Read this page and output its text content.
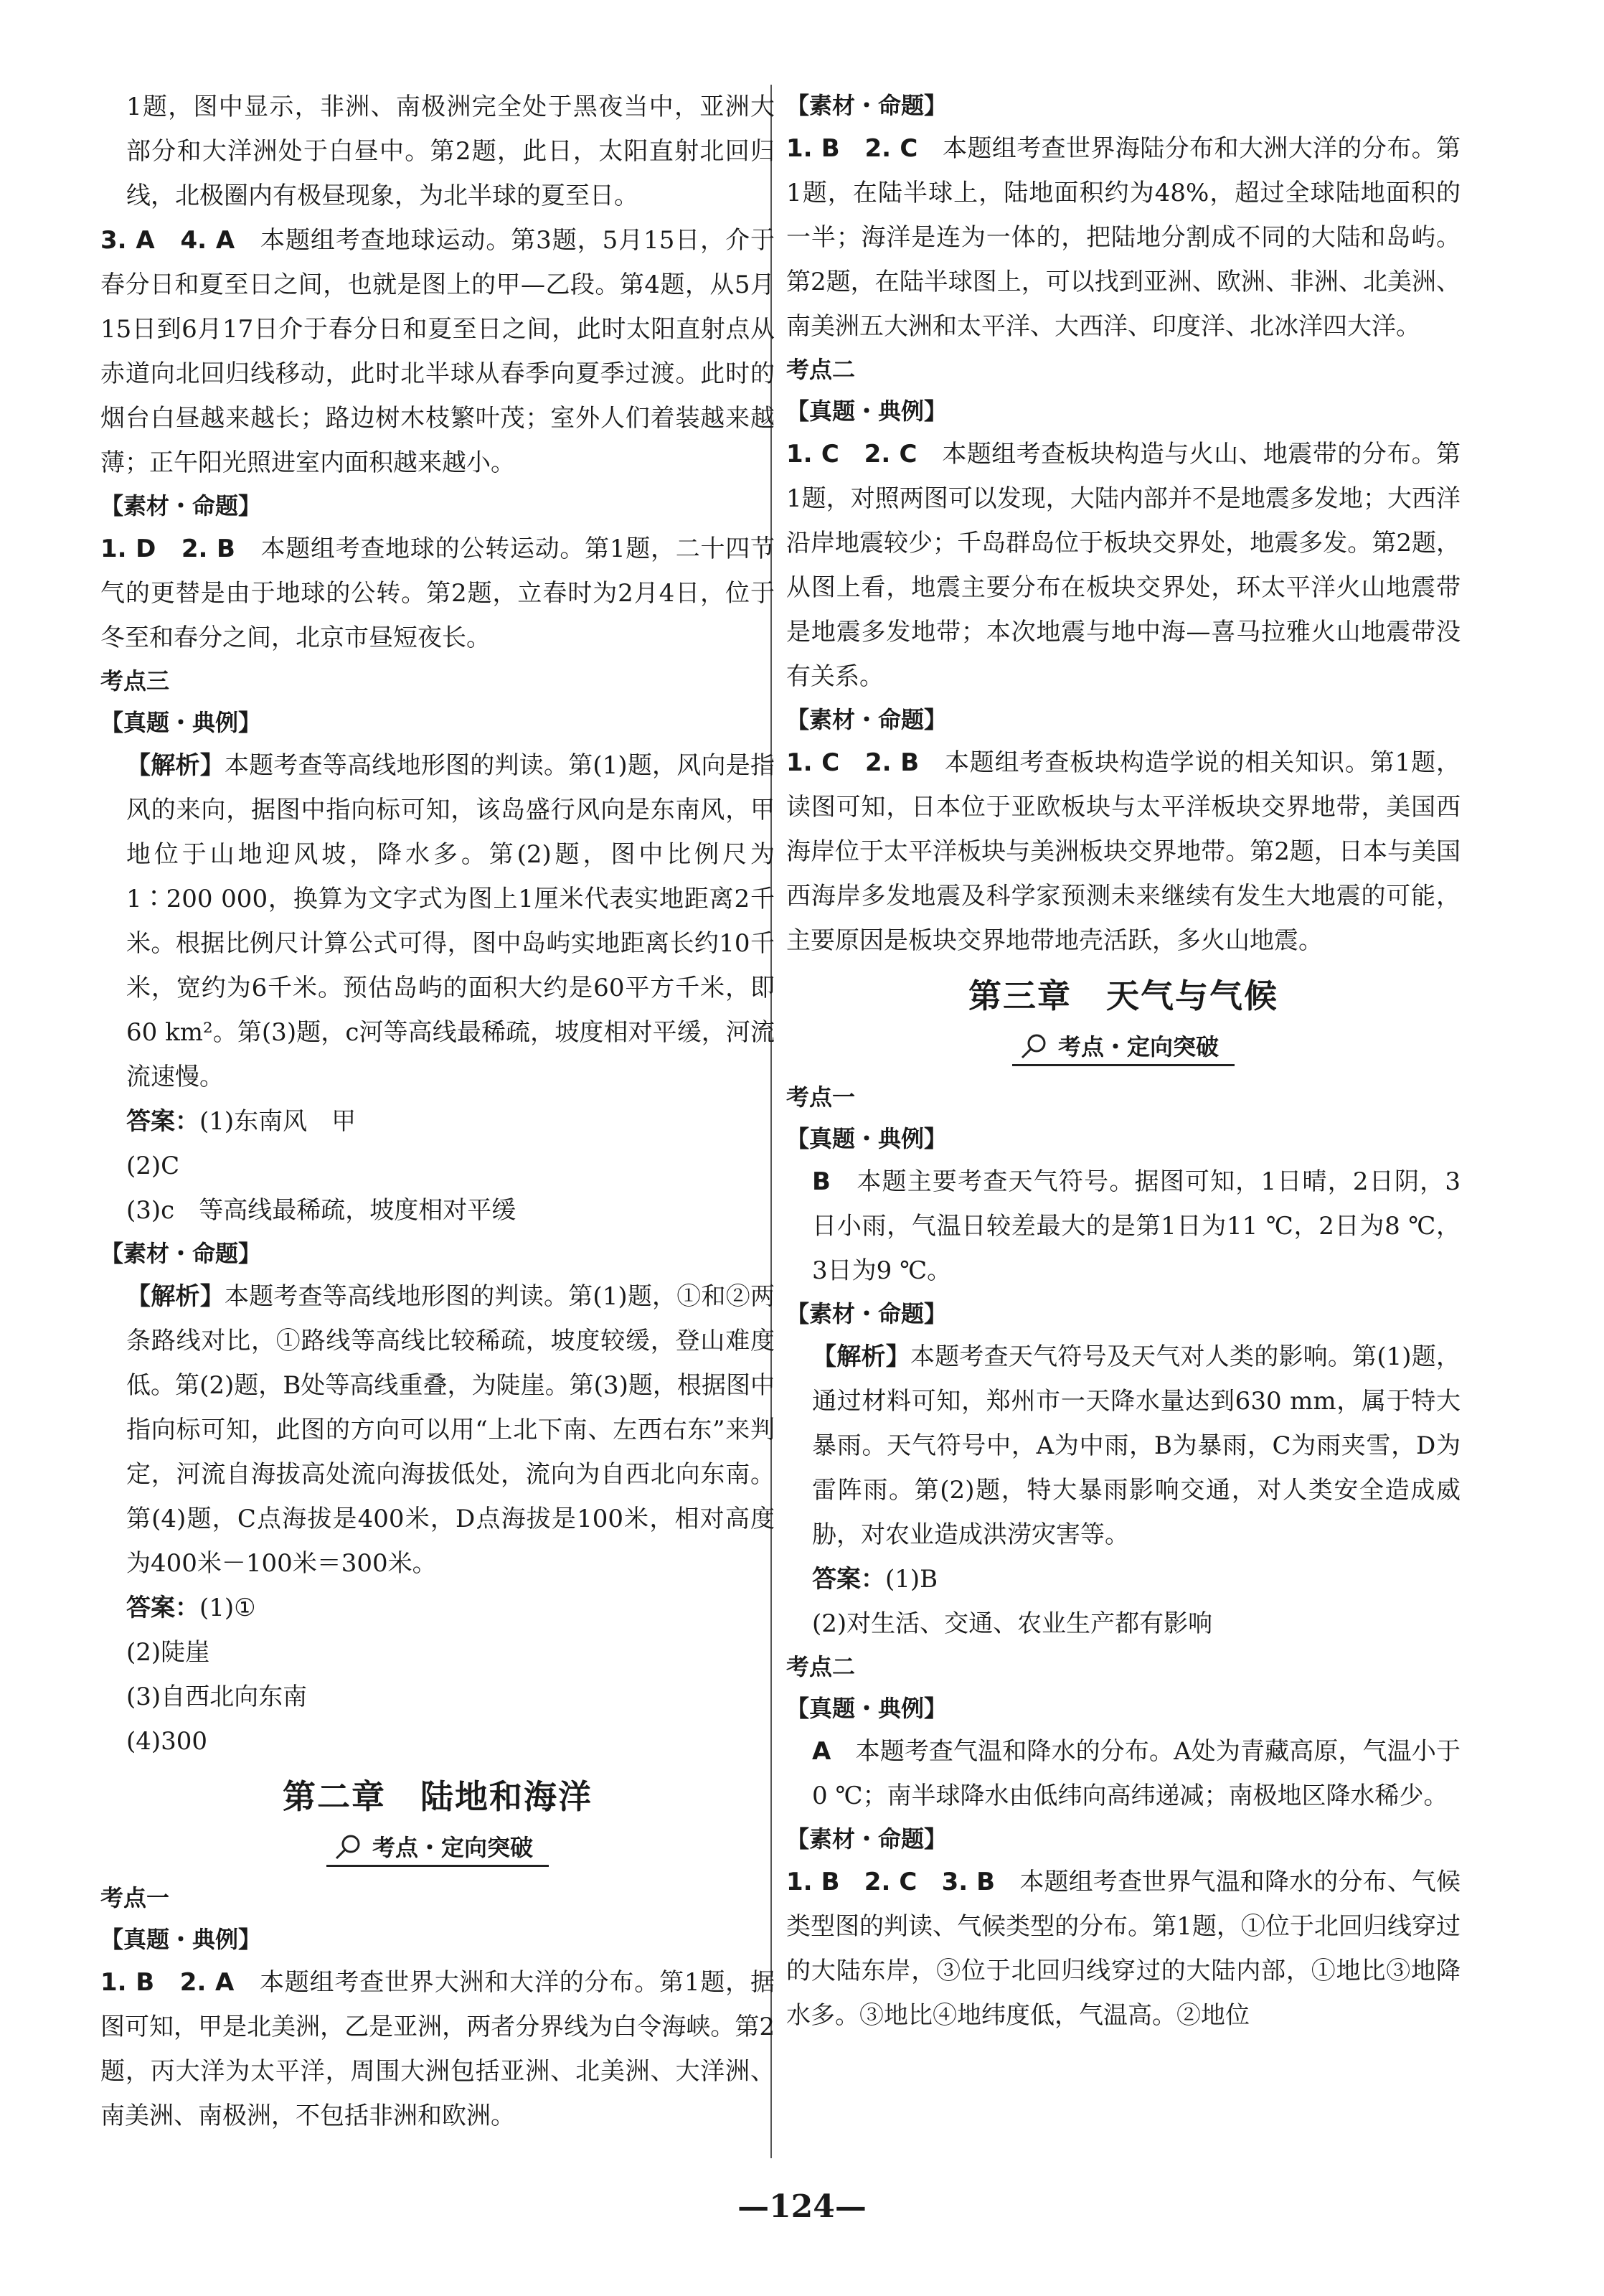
1题，图中显示，非洲、南极洲完全处于黑夜当中，亚洲大部分和大洋洲处于白昼中。第2题，此日，太阳直射北回归线，北极圈内有极昼现象，为北半球的夏至日。

3. A　4. A　 本题组考查地球运动。第3题，5月15日，介于春分日和夏至日之间，也就是图上的甲—乙段。第4题，从5月15日到6月17日介于春分日和夏至日之间，此时太阳直射点从赤道向北回归线移动，此时北半球从春季向夏季过渡。此时的烟台白昼越来越长；路边树木枝繁叶茂；室外人们着装越来越薄；正午阳光照进室内面积越来越小。

【素材・命题】

1. D　2. B　 本题组考查地球的公转运动。第1题，二十四节气的更替是由于地球的公转。第2题，立春时为2月4日，位于冬至和春分之间，北京市昼短夜长。

考点三

【真题・典例】

【解析】本题考查等高线地形图的判读。第(1)题，风向是指风的来向，据图中指向标可知，该岛盛行风向是东南风，甲地位于山地迎风坡，降水多。第(2)题，图中比例尺为1∶200 000，换算为文字式为图上1厘米代表实地距离2千米。根据比例尺计算公式可得，图中岛屿实地距离长约10千米，宽约为6千米。预估岛屿的面积大约是60平方千米，即60 km²。第(3)题，c河等高线最稀疏，坡度相对平缓，河流流速慢。

答案：(1)东南风　甲

(2)C

(3)c　等高线最稀疏，坡度相对平缓

【素材・命题】

【解析】本题考查等高线地形图的判读。第(1)题，①和②两条路线对比，①路线等高线比较稀疏，坡度较缓，登山难度低。第(2)题，B处等高线重叠，为陡崖。第(3)题，根据图中指向标可知，此图的方向可以用“上北下南、左西右东”来判定，河流自海拔高处流向海拔低处，流向为自西北向东南。第(4)题，C点海拔是400米，D点海拔是100米，相对高度为400米－100米＝300米。

答案：(1)①

(2)陡崖

(3)自西北向东南

(4)300

第二章　陆地和海洋
考点・定向突破

考点一

【真题・典例】

1. B　2. A　 本题组考查世界大洲和大洋的分布。第1题，据图可知，甲是北美洲，乙是亚洲，两者分界线为白令海峡。第2题，丙大洋为太平洋，周围大洲包括亚洲、北美洲、大洋洲、南美洲、南极洲，不包括非洲和欧洲。

【素材・命题】

1. B　2. C　 本题组考查世界海陆分布和大洲大洋的分布。第1题，在陆半球上，陆地面积约为48%，超过全球陆地面积的一半；海洋是连为一体的，把陆地分割成不同的大陆和岛屿。第2题，在陆半球图上，可以找到亚洲、欧洲、非洲、北美洲、南美洲五大洲和太平洋、大西洋、印度洋、北冰洋四大洋。

考点二

【真题・典例】

1. C　2. C　 本题组考查板块构造与火山、地震带的分布。第1题，对照两图可以发现，大陆内部并不是地震多发地；大西洋沿岸地震较少；千岛群岛位于板块交界处，地震多发。第2题，从图上看，地震主要分布在板块交界处，环太平洋火山地震带是地震多发地带；本次地震与地中海—喜马拉雅火山地震带没有关系。

【素材・命题】

1. C　2. B　 本题组考查板块构造学说的相关知识。第1题，读图可知，日本位于亚欧板块与太平洋板块交界地带，美国西海岸位于太平洋板块与美洲板块交界地带。第2题，日本与美国西海岸多发地震及科学家预测未来继续有发生大地震的可能，主要原因是板块交界地带地壳活跃，多火山地震。

第三章　天气与气候
考点・定向突破

考点一

【真题・典例】

B　 本题主要考查天气符号。据图可知，1日晴，2日阴，3日小雨，气温日较差最大的是第1日为11 ℃，2日为8 ℃，3日为9 ℃。

【素材・命题】

【解析】本题考查天气符号及天气对人类的影响。第(1)题，通过材料可知，郑州市一天降水量达到630 mm，属于特大暴雨。天气符号中，A为中雨，B为暴雨，C为雨夹雪，D为雷阵雨。第(2)题，特大暴雨影响交通，对人类安全造成威胁，对农业造成洪涝灾害等。

答案：(1)B

(2)对生活、交通、农业生产都有影响

考点二

【真题・典例】

A　 本题考查气温和降水的分布。A处为青藏高原，气温小于0 ℃；南半球降水由低纬向高纬递减；南极地区降水稀少。

【素材・命题】

1. B　2. C　3. B　 本题组考查世界气温和降水的分布、气候类型图的判读、气候类型的分布。第1题，①位于北回归线穿过的大陆东岸，③位于北回归线穿过的大陆内部，①地比③地降水多。③地比④地纬度低，气温高。②地位

—124—
